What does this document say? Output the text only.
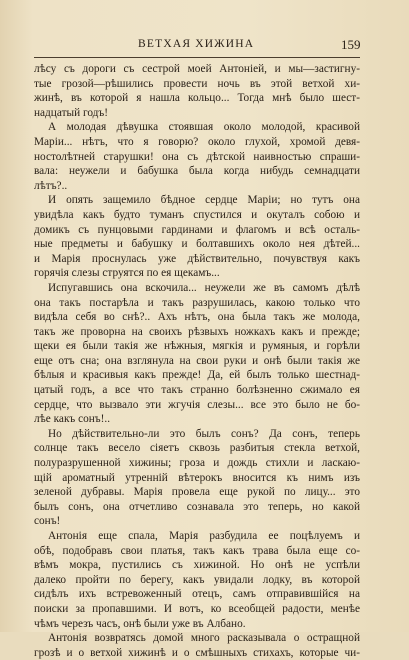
ВЕТХАЯ ХИЖИНА	159
лѣсу съ дороги съ сестрой моей Антоніей, и мы—застигну-
тые грозой—рѣшились провести ночь въ этой ветхой хи-
жинѣ, въ которой я нашла кольцо... Тогда мнѣ было шест-
надцатый годъ!
А молодая дѣвушка стоявшая около молодой, красивой
Маріи... нѣтъ, что я говорю? около глухой, хромой девя-
ностолѣтней старушки! она съ дѣтской наивностью спраши-
вала: неужели и бабушка была когда нибудь семнадцати
лѣтъ?..
И опять защемило бѣдное сердце Маріи; но тутъ она
увидѣла какъ будто туманъ спустился и окуталъ собою и
домикъ съ пунцовыми гардинами и флагомъ и всѣ осталь-
ные предметы и бабушку и болтавшихъ около нея дѣтей...
и Марія проснулась уже дѣйствительно, почувствуя какъ
горячія слезы струятся по ея щекамъ...
Испугавшись она вскочила... неужели же въ самомъ дѣлѣ
она такъ постарѣла и такъ разрушилась, какою только что
видѣла себя во снѣ?.. Ахъ нѣтъ, она была такъ же молода,
такъ же проворна на своихъ рѣзвыхъ ножкахъ какъ и прежде;
щеки ея были такія же нѣжныя, мягкія и румяныя, и горѣли
еще отъ сна; она взглянула на свои руки и онѣ были такія же
бѣлыя и красивыя какъ прежде! Да, ей былъ только шестнад-
цатый годъ, а все что такъ странно болѣзненно сжимало ея
сердце, что вызвало эти жгучія слезы... все это было не бо-
лѣе какъ сонъ!..
Но дѣйствительно-ли это былъ сонъ? Да сонъ, теперь
солнце такъ весело сіяетъ сквозь разбитыя стекла ветхой,
полуразрушенной хижины; гроза и дождь стихли и ласкаю-
щій ароматный утренній вѣтерокъ вносится къ нимъ изъ
зеленой дубравы. Марія провела еще рукой по лицу... это
былъ сонъ, она отчетливо сознавала это теперь, но какой
сонъ!
Антонія еще спала, Марія разбудила ее поцѣлуемъ и
обѣ, подобравъ свои платья, такъ какъ трава была еще со-
вѣмъ мокра, пустились съ хижиной. Но онѣ не успѣли
далеко пройти по берегу, какъ увидали лодку, въ которой
сидѣлъ ихъ встревоженный отецъ, самъ отправившійся на
поиски за пропавшими. И вотъ, ко всеобщей радости, менѣе
чѣмъ черезъ часъ, онѣ были уже въ Албано.
Антонія возвратясь домой много расказывала о остращной
грозѣ и о ветхой хижинѣ и о смѣшныхъ стихахъ, которые чи-
